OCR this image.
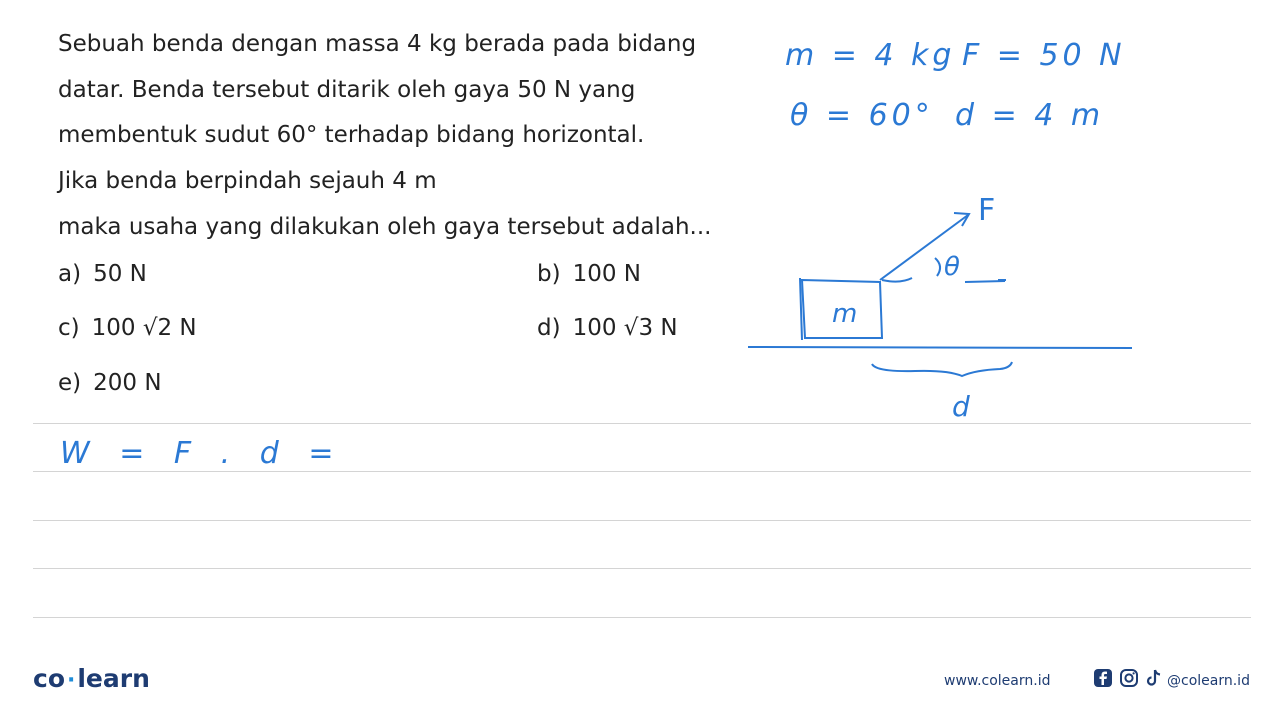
Sebuah benda dengan massa 4 kg berada pada bidang
datar. Benda tersebut ditarik oleh gaya 50 N yang
membentuk sudut 60° terhadap bidang horizontal.
Jika benda berpindah sejauh 4 m
maka usaha yang dilakukan oleh gaya tersebut adalah...
a) 50 N	b) 100 N
c) 100 √2 N	d) 100 √3 N
e) 200 N
m = 4 kg F = 50 N
θ = 60° d = 4 m
m
F
θ
d
W = F . d =
co·learn	www.colearn.id	@colearn.id
